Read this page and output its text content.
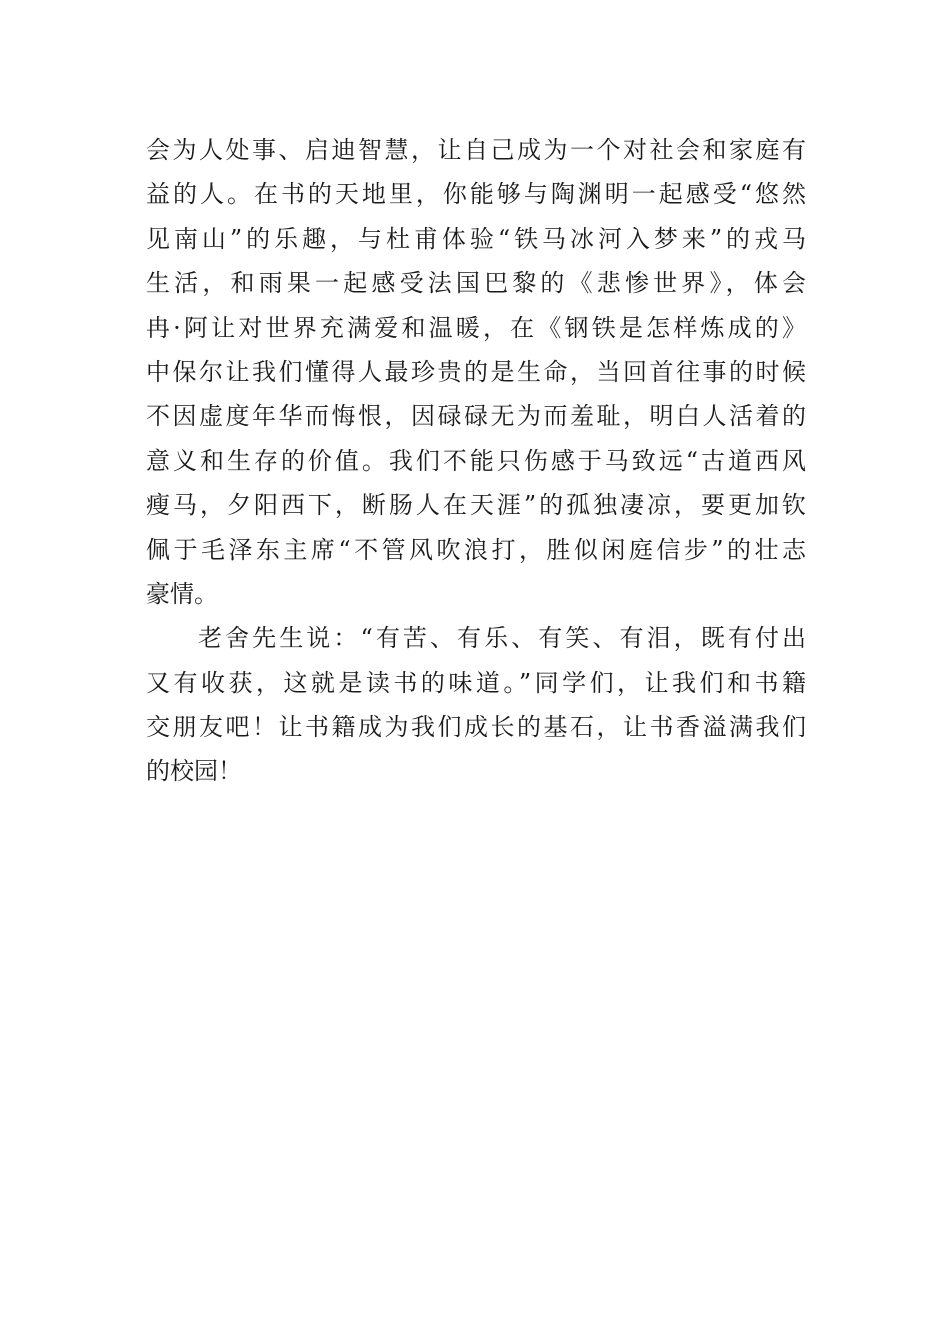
会为人处事、启迪智慧，让自己成为一个对社会和家庭有
益的人。在书的天地里，你能够与陶渊明一起感受“悠然
见南山”的乐趣，与杜甫体验“铁马冰河入梦来”的戎马
生活，和雨果一起感受法国巴黎的《悲惨世界》，体会
冉·阿让对世界充满爱和温暖，在《钢铁是怎样炼成的》
中保尔让我们懂得人最珍贵的是生命，当回首往事的时候
不因虚度年华而悔恨，因碌碌无为而羞耻，明白人活着的
意义和生存的价值。我们不能只伤感于马致远“古道西风
瘦马，夕阳西下，断肠人在天涯”的孤独凄凉，要更加钦
佩于毛泽东主席“不管风吹浪打，胜似闲庭信步”的壮志
豪情。
老舍先生说：“有苦、有乐、有笑、有泪，既有付出
又有收获，这就是读书的味道。”同学们，让我们和书籍
交朋友吧！让书籍成为我们成长的基石，让书香溢满我们
的校园！
